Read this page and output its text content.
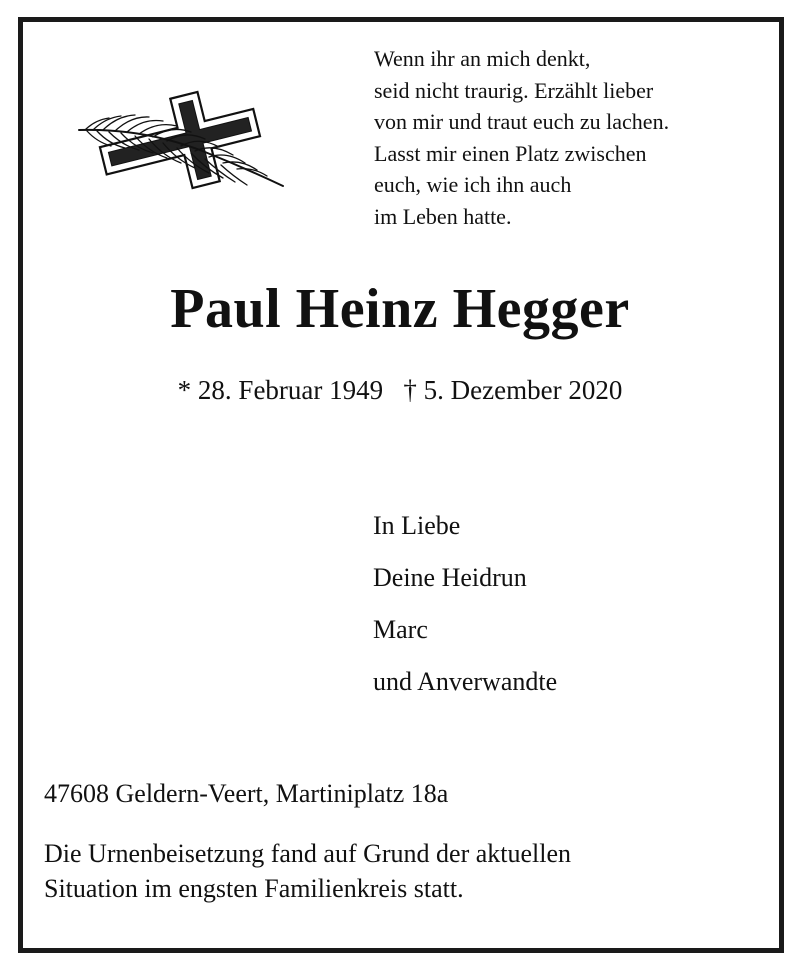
Wenn ihr an mich denkt,
seid nicht traurig. Erzählt lieber
von mir und traut euch zu lachen.
Lasst mir einen Platz zwischen
euch, wie ich ihn auch
im Leben hatte.
Paul Heinz Hegger
* 28. Februar 1949   † 5. Dezember 2020
In Liebe
Deine Heidrun
Marc
und Anverwandte
47608 Geldern-Veert, Martiniplatz 18a
Die Urnenbeisetzung fand auf Grund der aktuellen
Situation im engsten Familienkreis statt.
